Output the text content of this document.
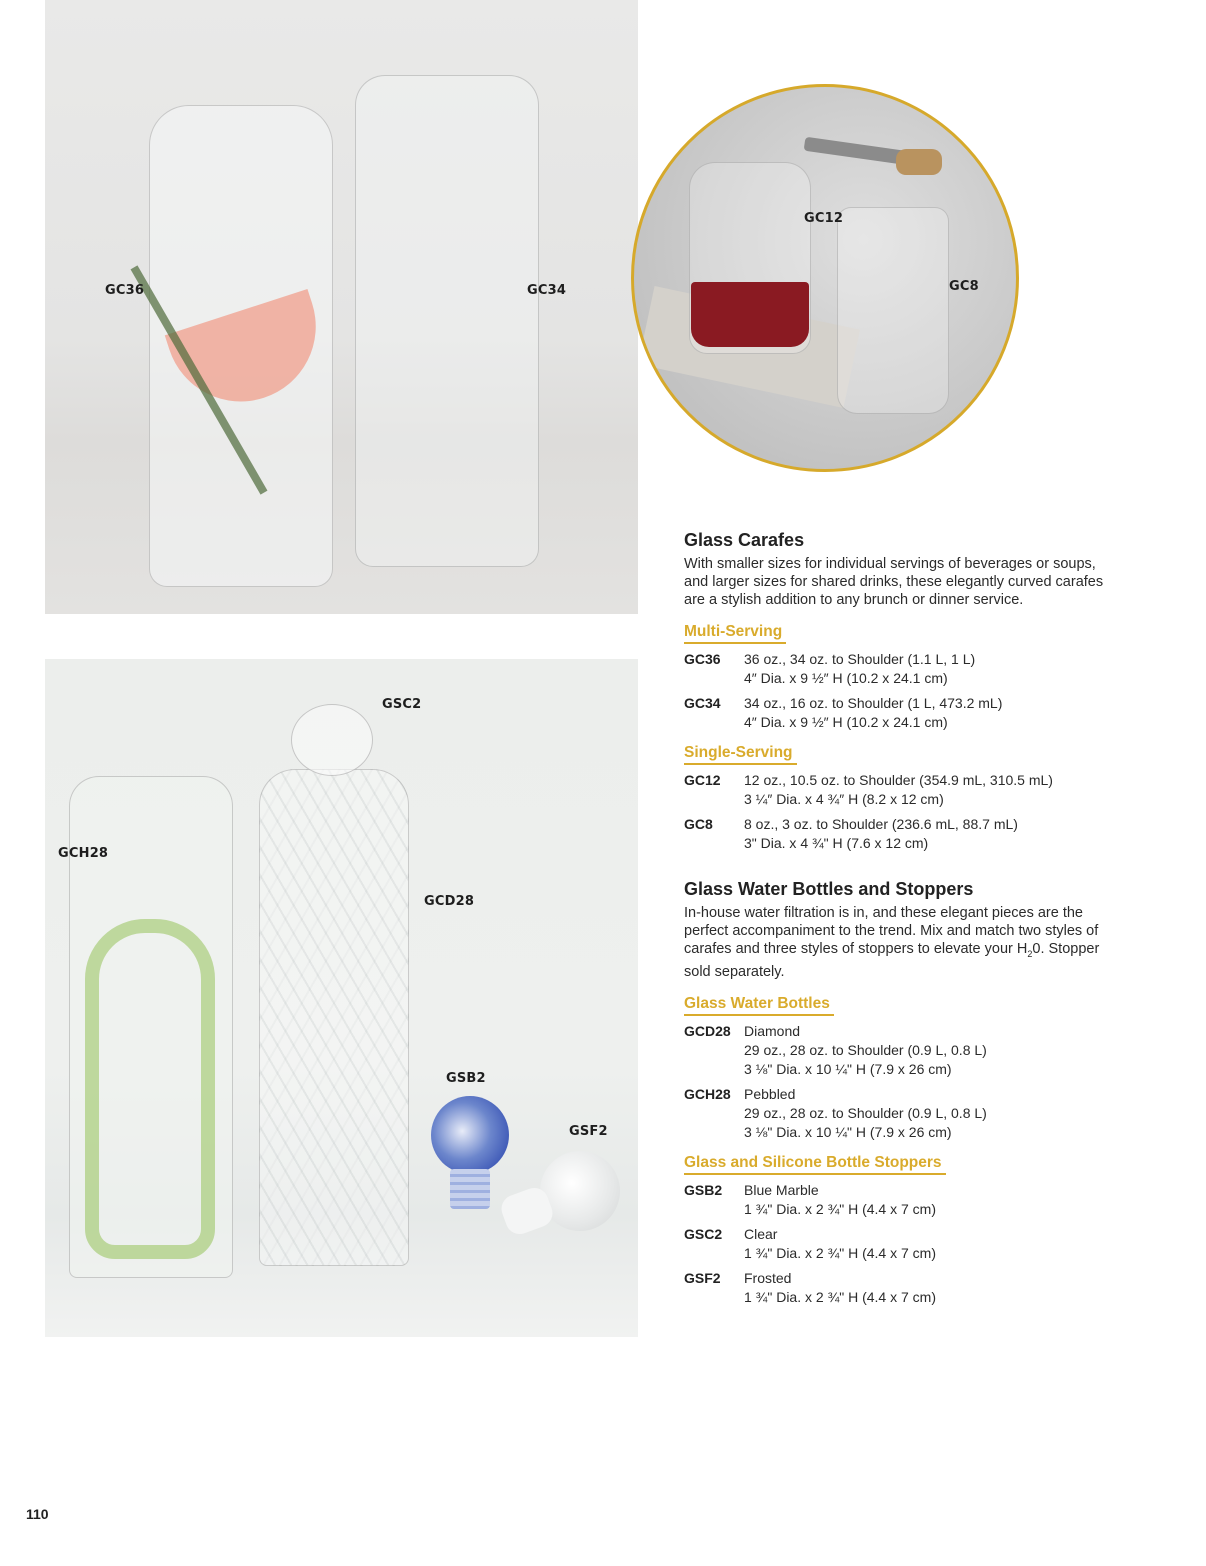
GC36	GC34
GC12
GC8
GSC2
GCH28
GCD28
GSB2
GSF2
Glass Carafes

With smaller sizes for individual servings of beverages or soups, and larger sizes for shared drinks, these elegantly curved carafes are a stylish addition to any brunch or dinner service.

Multi-Serving
GC36	36 oz., 34 oz. to Shoulder (1.1 L, 1 L)
4″ Dia. x 9 ½″ H (10.2 x 24.1 cm)
GC34	34 oz., 16 oz. to Shoulder (1 L, 473.2 mL)
4″ Dia. x 9 ½″ H (10.2 x 24.1 cm)
Single-Serving
GC12	12 oz., 10.5 oz. to Shoulder (354.9 mL, 310.5 mL)
3 ¼″ Dia. x 4 ¾″ H (8.2 x 12 cm)
GC8	8 oz., 3 oz. to Shoulder (236.6 mL, 88.7 mL)
3" Dia. x 4 ¾" H (7.6 x 12 cm)
Glass Water Bottles and Stoppers

In-house water filtration is in, and these elegant pieces are the perfect accompaniment to the trend. Mix and match two styles of carafes and three styles of stoppers to elevate your $H_20$. Stopper sold separately.

Glass Water Bottles
GCD28 Diamond
29 oz., 28 oz. to Shoulder (0.9 L, 0.8 L)
3 ⅛" Dia. x 10 ¼" H (7.9 x 26 cm)
GCH28 Pebbled
29 oz., 28 oz. to Shoulder (0.9 L, 0.8 L)
3 ⅛" Dia. x 10 ¼" H (7.9 x 26 cm)
Glass and Silicone Bottle Stoppers
GSB2	Blue Marble
1 ¾" Dia. x 2 ¾" H (4.4 x 7 cm)
GSC2	Clear
1 ¾" Dia. x 2 ¾" H (4.4 x 7 cm)
GSF2	Frosted
1 ¾" Dia. x 2 ¾" H (4.4 x 7 cm)
110
